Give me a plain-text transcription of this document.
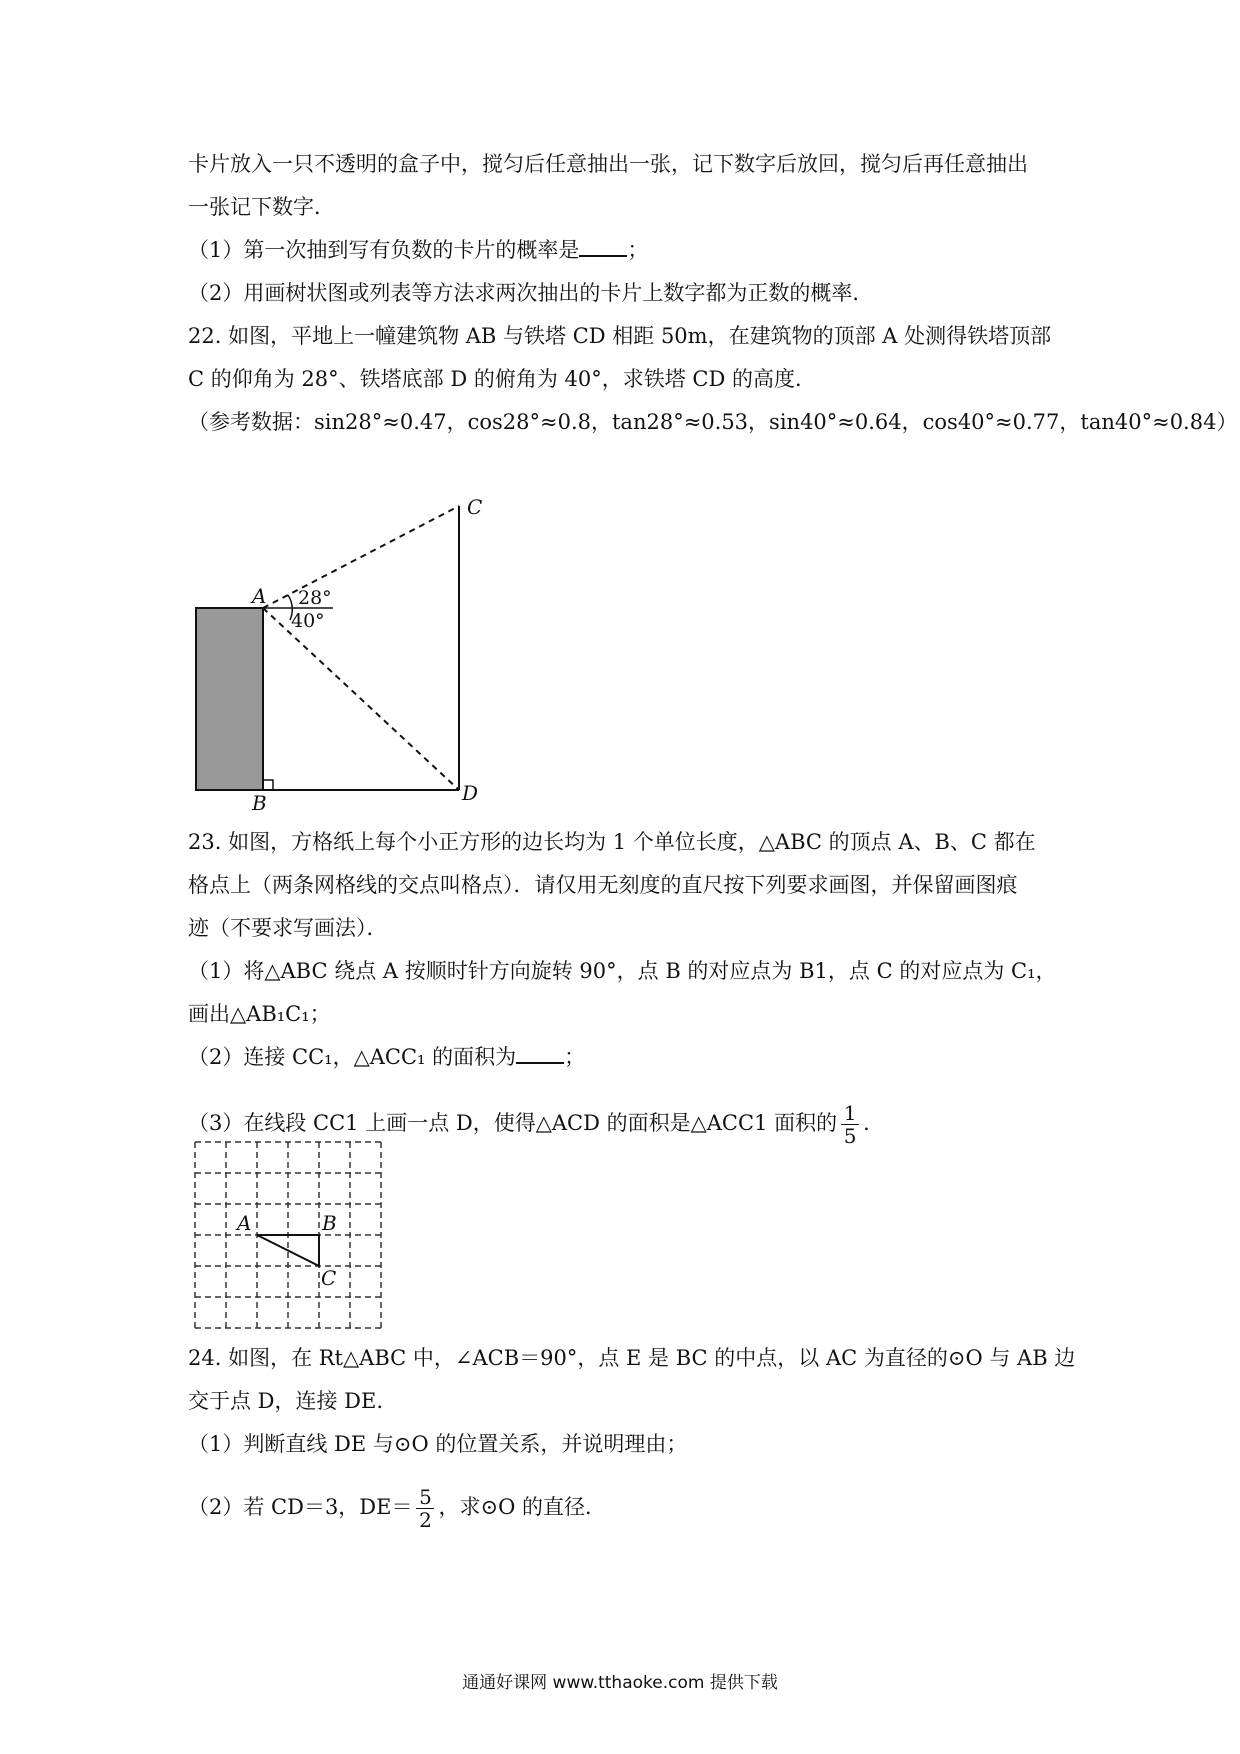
卡片放入一只不透明的盒子中，搅匀后任意抽出一张，记下数字后放回，搅匀后再任意抽出
一张记下数字．
（1）第一次抽到写有负数的卡片的概率是 ；
（2）用画树状图或列表等方法求两次抽出的卡片上数字都为正数的概率．
22. 如图，平地上一幢建筑物 AB 与铁塔 CD 相距 50m，在建筑物的顶部 A 处测得铁塔顶部
C 的仰角为 28°、铁塔底部 D 的俯角为 40°，求铁塔 CD 的高度．
（参考数据：sin28°≈0.47，cos28°≈0.8，tan28°≈0.53，sin40°≈0.64，cos40°≈0.77，tan40°≈0.84）
A
B
C
D
28°
40°
A	B
C
23. 如图，方格纸上每个小正方形的边长均为 1 个单位长度，△ABC 的顶点 A、B、C 都在
格点上（两条网格线的交点叫格点）．请仅用无刻度的直尺按下列要求画图，并保留画图痕
迹（不要求写画法）．
（1）将△ABC 绕点 A 按顺时针方向旋转 90°，点 B 的对应点为 B1，点 C 的对应点为 C₁，
画出△AB₁C₁；
（2）连接 CC₁，△ACC₁ 的面积为 ；
（3）在线段 CC1 上画一点 D，使得△ACD 的面积是△ACC1 面积的 $\frac{1}{5}$ ．
24. 如图，在 Rt△ABC 中，∠ACB＝90°，点 E 是 BC 的中点，以 AC 为直径的⊙O 与 AB 边
交于点 D，连接 DE.
（1）判断直线 DE 与⊙O 的位置关系，并说明理由；
（2）若 CD＝3，$DE= \frac{5}{2}$ ，求⊙O 的直径．
通通好课网 www.tthaoke.com 提供下载
